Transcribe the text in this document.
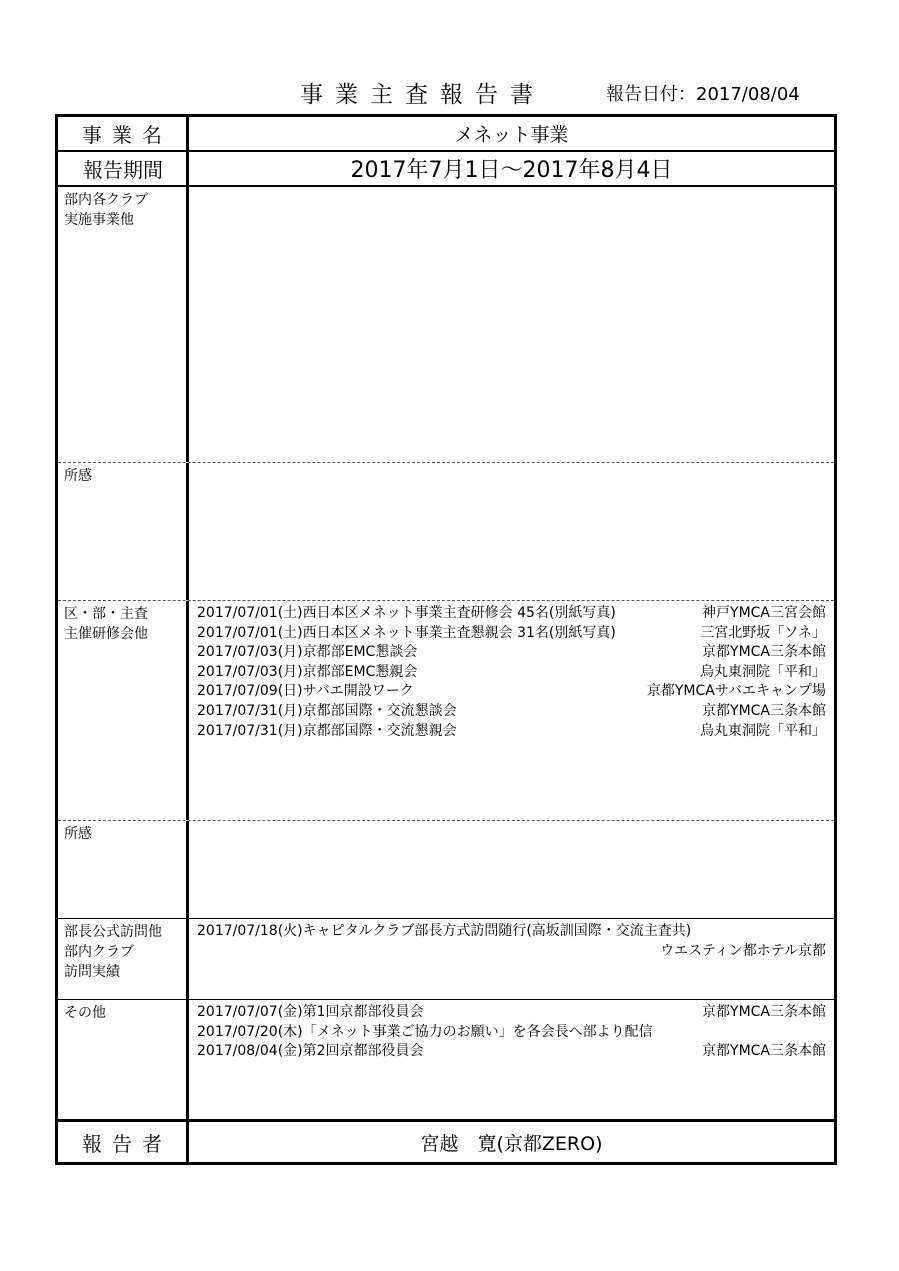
事業主査報告書	報告日付：2017/08/04
事業名	メネット事業
報告期間	2017年7月1日〜2017年8月4日
部内各クラブ
実施事業他
所感
区・部・主査
主催研修会他
2017/07/01(土)西日本区メネット事業主査研修会 45名(別紙写真)	神戸YMCA三宮会館
2017/07/01(土)西日本区メネット事業主査懇親会 31名(別紙写真)	三宮北野坂「ソネ」
2017/07/03(月)京都部EMC懇談会	京都YMCA三条本館
2017/07/03(月)京都部EMC懇親会	烏丸東洞院「平和」
2017/07/09(日)サバエ開設ワーク	京都YMCAサバエキャンプ場
2017/07/31(月)京都部国際・交流懇談会	京都YMCA三条本館
2017/07/31(月)京都部国際・交流懇親会	烏丸東洞院「平和」
所感
部長公式訪問他
部内クラブ
訪問実績
2017/07/18(火)キャピタルクラブ部長方式訪問随行(高坂訓国際・交流主査共)
ウエスティン都ホテル京都
その他	2017/07/07(金)第1回京都部役員会	京都YMCA三条本館
2017/07/20(木)「メネット事業ご協力のお願い」を各会長へ部より配信
2017/08/04(金)第2回京都部役員会	京都YMCA三条本館
報告者	宮越　寛(京都ZERO)
